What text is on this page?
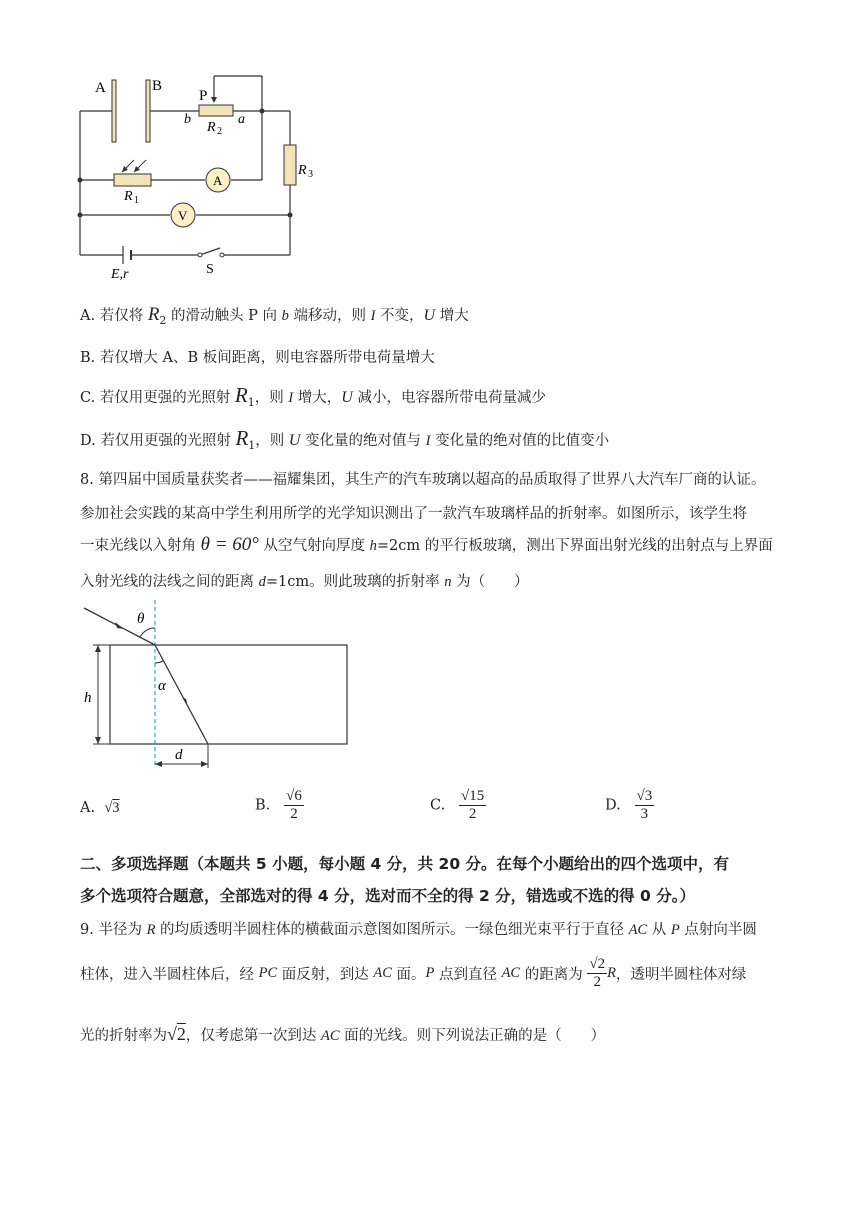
A	B
P
b	a
R 2
R 3
R 1
A
V
E,r	S
A. 若仅将 $R_2$ 的滑动触头 P 向 b 端移动，则 I 不变，U 增大
B. 若仅增大 A、B 板间距离，则电容器所带电荷量增大
C. 若仅用更强的光照射 $R_1$，则 I 增大，U 减小，电容器所带电荷量减少
D. 若仅用更强的光照射 $R_1$，则 U 变化量的绝对值与 I 变化量的绝对值的比值变小
8. 第四届中国质量获奖者——福耀集团，其生产的汽车玻璃以超高的品质取得了世界八大汽车厂商的认证。
参加社会实践的某高中学生利用所学的光学知识测出了一款汽车玻璃样品的折射率。如图所示，该学生将
一束光线以入射角 θ = 60° 从空气射向厚度 h=2cm 的平行板玻璃，测出下界面出射光线的出射点与上界面
入射光线的法线之间的距离 d=1cm。则此玻璃的折射率 n 为（　　）
θ
α
h
d
A. √3	B. $\frac{√6}{2}$	C. $\frac{√15}{2}$	D. $\frac{√3}{3}$
二、多项选择题（本题共 5 小题，每小题 4 分，共 20 分。在每个小题给出的四个选项中，有
多个选项符合题意，全部选对的得 4 分，选对而不全的得 2 分，错选或不选的得 0 分。）
9. 半径为 R 的均质透明半圆柱体的横截面示意图如图所示。一绿色细光束平行于直径 AC 从 P 点射向半圆
柱体，进入半圆柱体后，经 PC 面反射，到达 AC 面。P 点到直径 AC 的距离为 $\frac{√2}{2}$ R，透明半圆柱体对绿
光的折射率为√2，仅考虑第一次到达 AC 面的光线。则下列说法正确的是（　　）
